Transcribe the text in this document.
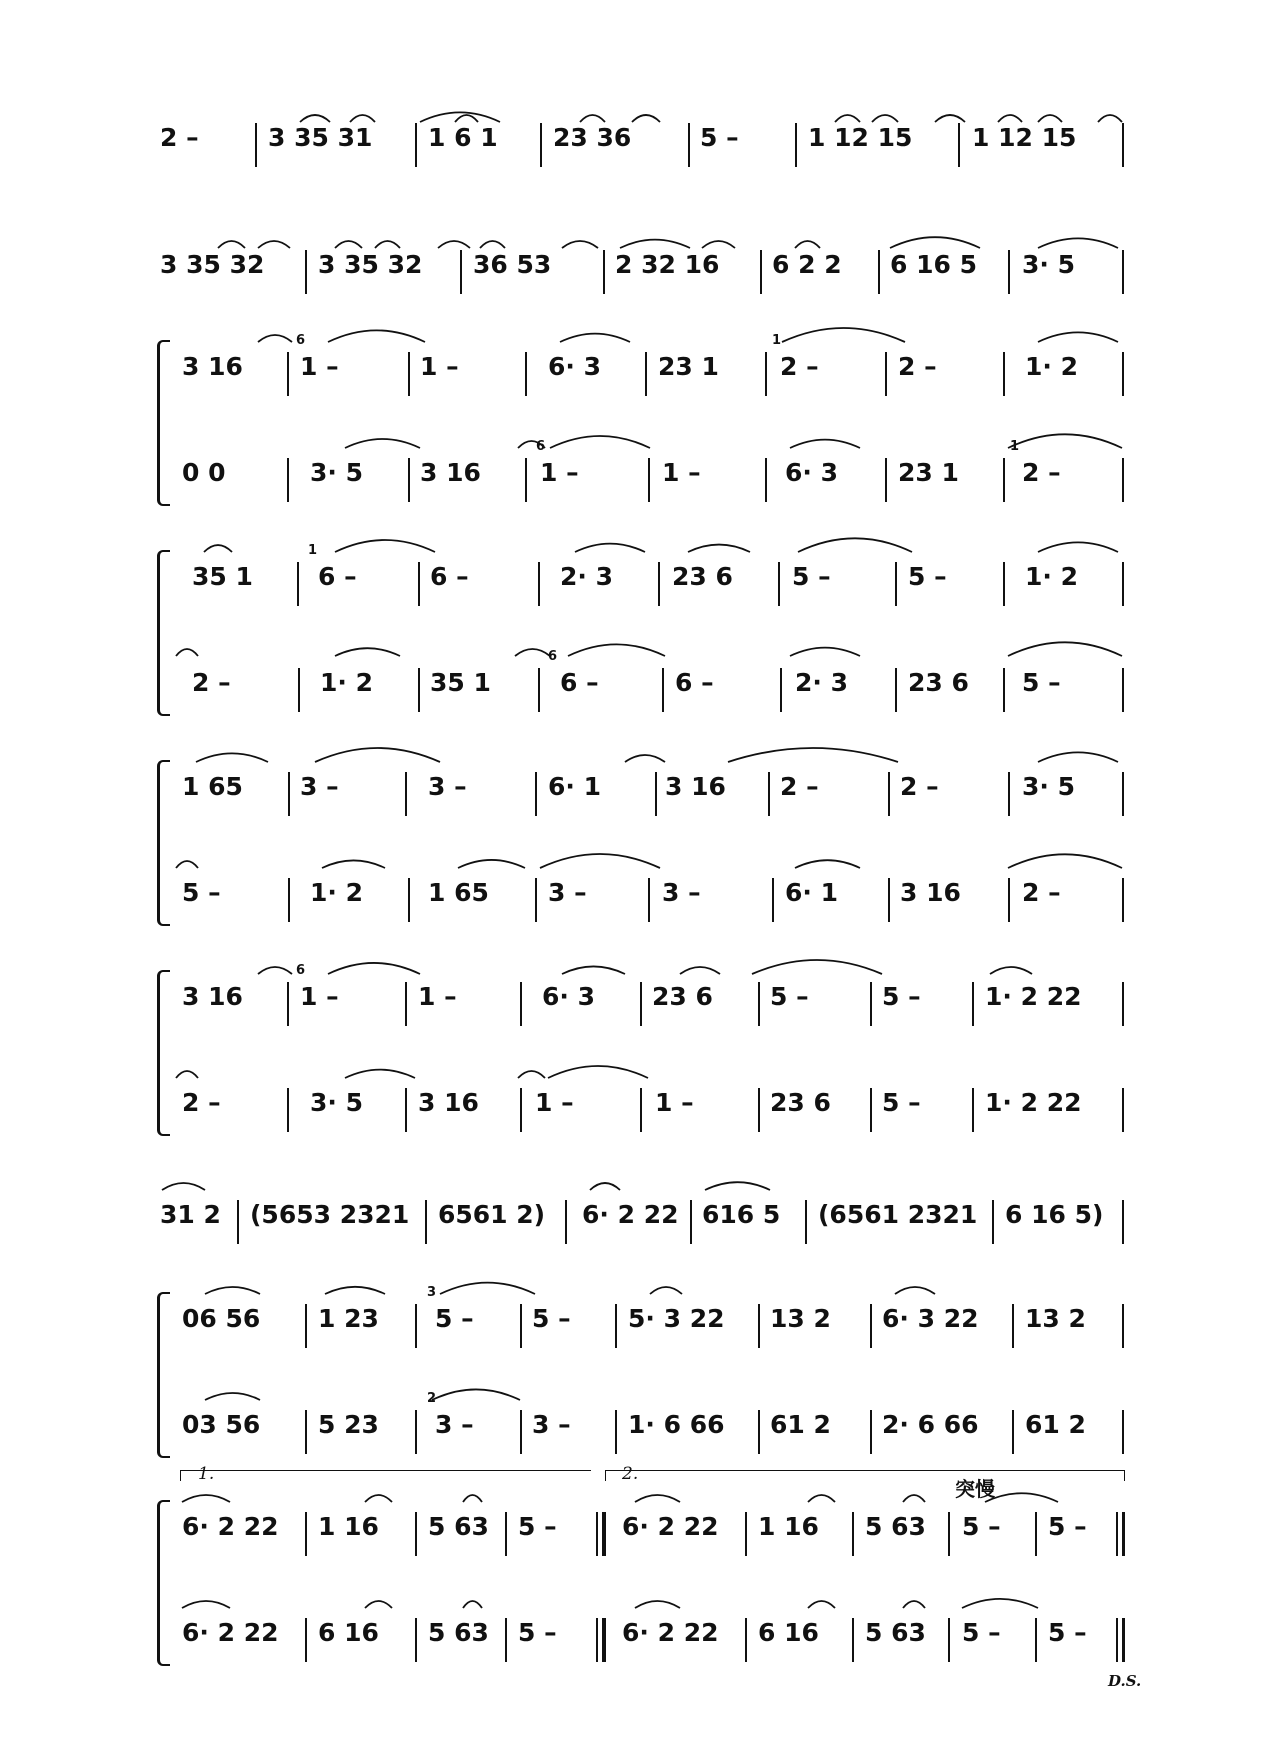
2 –	3 35 31 1 6 1 23 36	5 –	1 12 15 1 12 15
3 35 32 3 35 32 36 53	2 32 16 6 2 2 6 16 5 3· 5
3 16 1 –	1 –	6· 3 23 1 2 –	2 –	1· 2
0 0	3· 5 3 16 1 –	1 –	6· 3 23 1	2 –
35 1	6 –	6 –	2· 3 23 6 5 –	5 –	1· 2
2 –	1· 2 35 1	6 –	6 –	2· 3 23 6 5 –
1 65 3 –	3 –	6· 1	3 16 2 –	2 –	3· 5
5 –	1· 2	1 65 3 –	3 –	6· 1 3 16 2 –
3 16 1 –	1 –	6· 3 23 6 5 –	5 –	1· 2 22
2 –	3· 5 3 16 1 –	1 –	23 6 5 –	1· 2 22
31 2 (5653 2321 6561 2) 6· 2 22 616 5 (6561 2321 6 16 5)
06 56 1 23 5 – 5 – 5· 3 22 13 2 6· 3 22 13 2
03 56 5 23 3 – 3 – 1· 6 66 61 2 2· 6 66 61 2
1.	2.
突慢
6· 2 22 1 16 5 63 5 –	6· 2 22 1 16 5 63 5 – 5 –
6· 2 22 6 16 5 63 5 –	6· 2 22 6 16 5 63 5 – 5 –
6	1
6	1
1
6
6
3
2
D.S.
